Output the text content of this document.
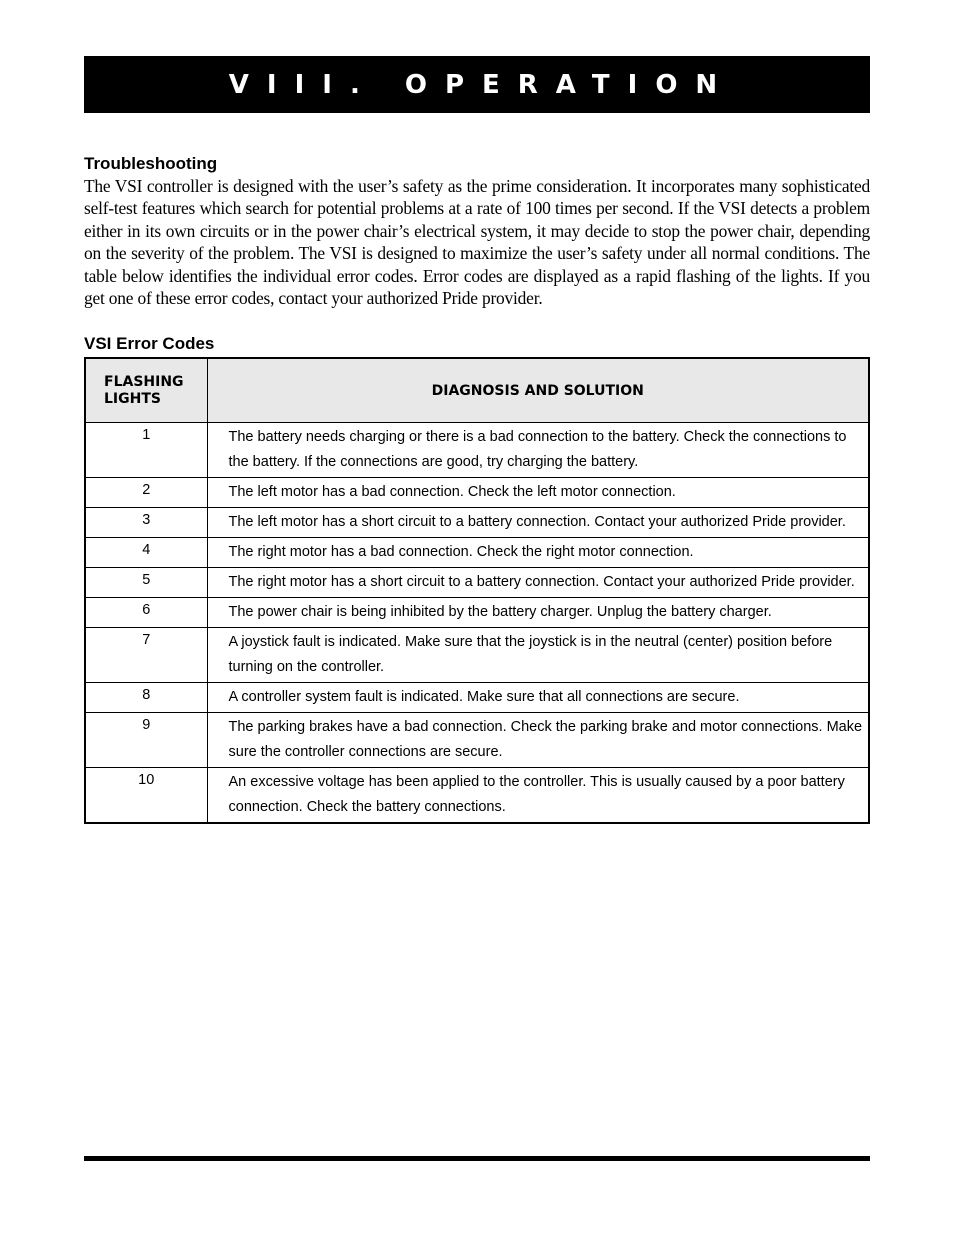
VIII. OPERATION
Troubleshooting
The VSI controller is designed with the user’s safety as the prime consideration. It incorporates many sophisticated self-test features which search for potential problems at a rate of 100 times per second. If the VSI detects a problem either in its own circuits or in the power chair’s electrical system, it may decide to stop the power chair, depending on the severity of the problem. The VSI is designed to maximize the user’s safety under all normal conditions. The table below identifies the individual error codes. Error codes are displayed as a rapid flashing of the lights. If you get one of these error codes, contact your authorized Pride provider.
VSI Error Codes
FLASHING
LIGHTS	DIAGNOSIS AND SOLUTION

1	The battery needs charging or there is a bad connection to the battery. Check the connections to the battery. If the connections are good, try charging the battery.

2	The left motor has a bad connection. Check the left motor connection.

3	The left motor has a short circuit to a battery connection. Contact your authorized Pride provider.

4	The right motor has a bad connection. Check the right motor connection.

5	The right motor has a short circuit to a battery connection. Contact your authorized Pride provider.

6	The power chair is being inhibited by the battery charger. Unplug the battery charger.

7	A joystick fault is indicated. Make sure that the joystick is in the neutral (center) position before turning on the controller.

8	A controller system fault is indicated. Make sure that all connections are secure.

9	The parking brakes have a bad connection. Check the parking brake and motor connections. Make sure the controller connections are secure.

10	An excessive voltage has been applied to the controller. This is usually caused by a poor battery connection. Check the battery connections.
